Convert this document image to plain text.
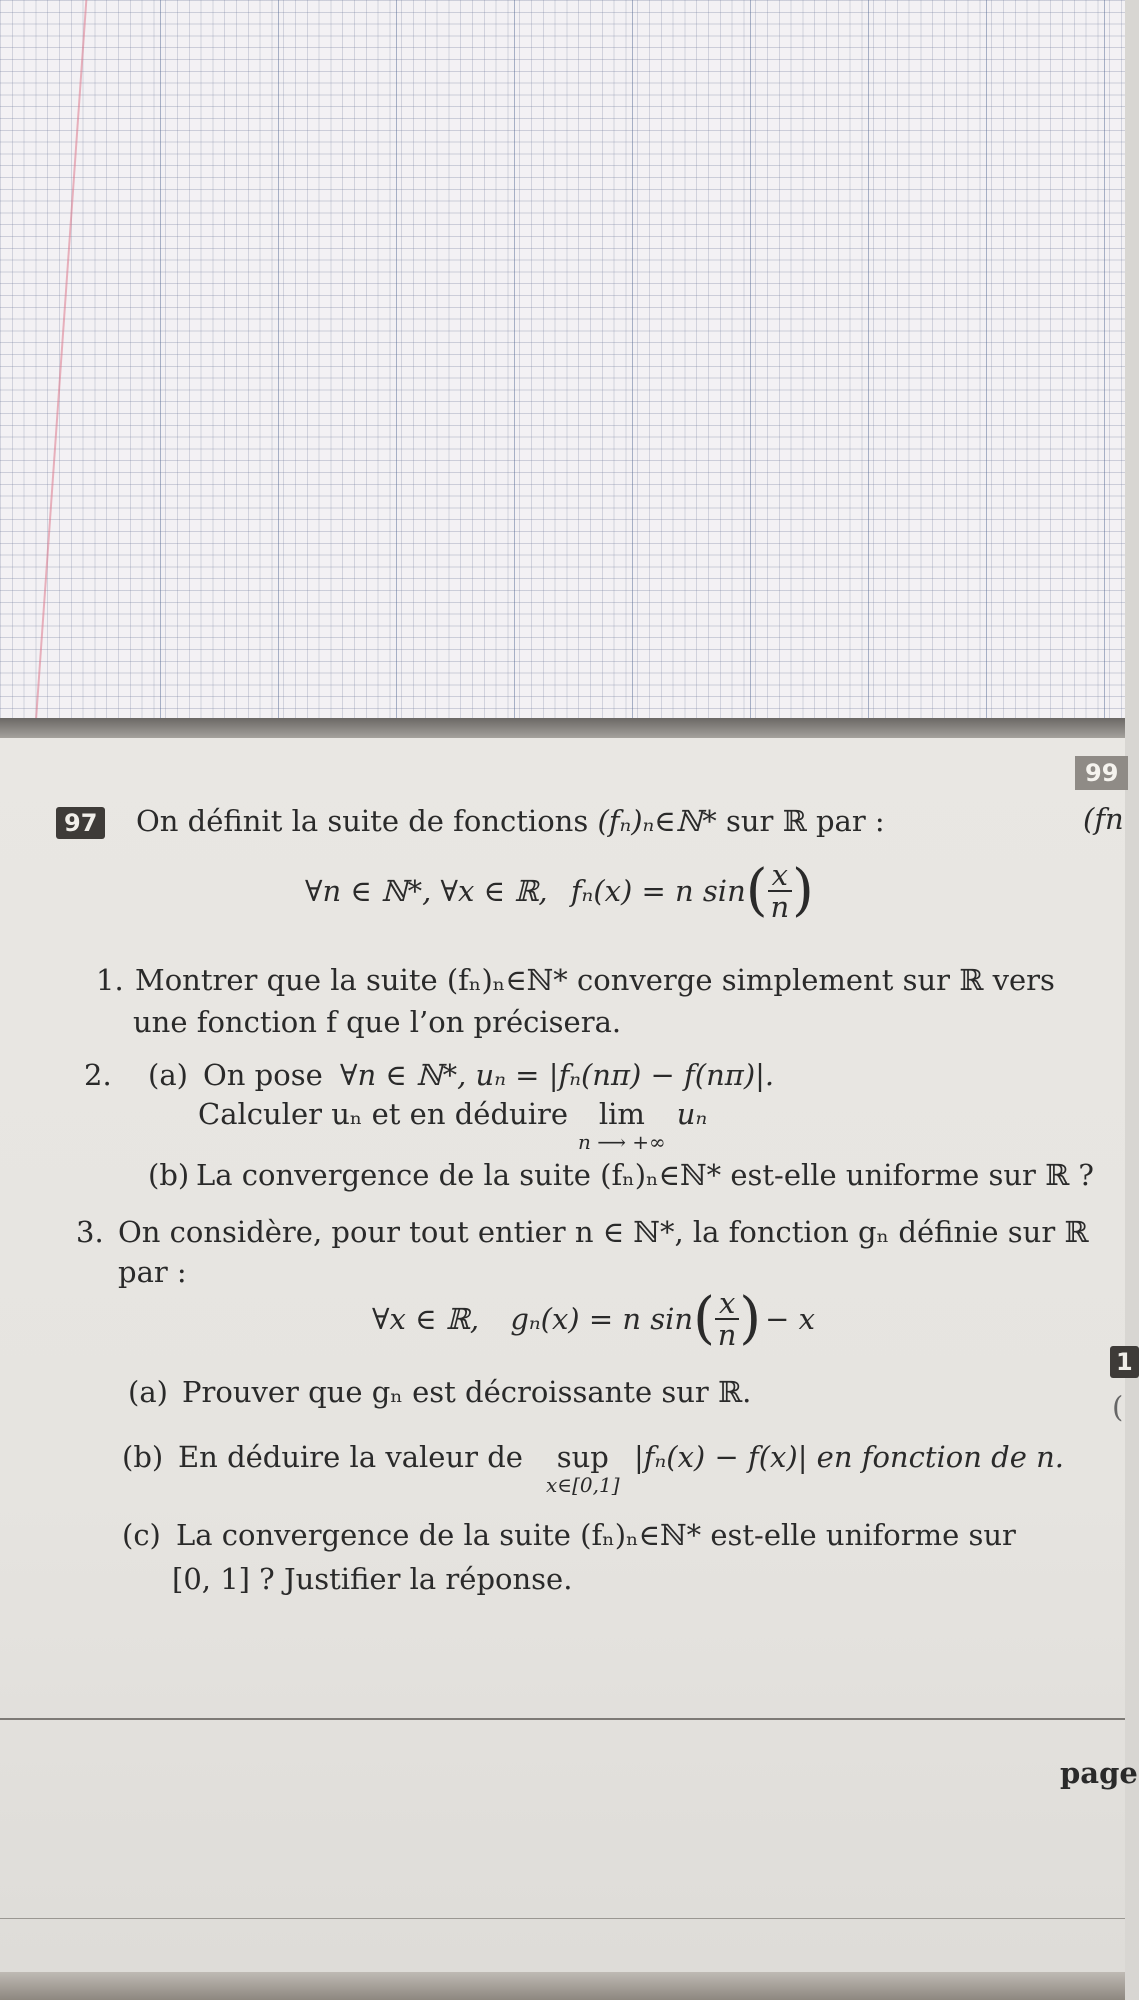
99
(fn
1
(
97 On définit la suite de fonctions (fₙ)ₙ∈ℕ* sur ℝ par :
∀n ∈ ℕ*, ∀x ∈ ℝ, fₙ(x) = n $\sin( \frac{x}{n}$ )
1. Montrer que la suite (fₙ)ₙ∈ℕ* converge simplement sur ℝ vers
une fonction f que l’on précisera.
2. (a) On pose ∀n ∈ ℕ*, uₙ = |fₙ(nπ) − f(nπ)|.
Calculer uₙ et en déduire	lim
n ⟶ +∞
uₙ
(b) La convergence de la suite (fₙ)ₙ∈ℕ* est-elle uniforme sur ℝ ?
3. On considère, pour tout entier n ∈ ℕ*, la fonction gₙ définie sur ℝ
par :
∀x ∈ ℝ, gₙ(x) = n $\sin( \frac{x}{n}$ ) − x
(a) Prouver que gₙ est décroissante sur ℝ.
(b) En déduire la valeur de	sup
x∈[0,1]
|fₙ(x) − f(x)| en fonction de n.
(c) La convergence de la suite (fₙ)ₙ∈ℕ* est-elle uniforme sur
[0, 1] ? Justifier la réponse.
page
